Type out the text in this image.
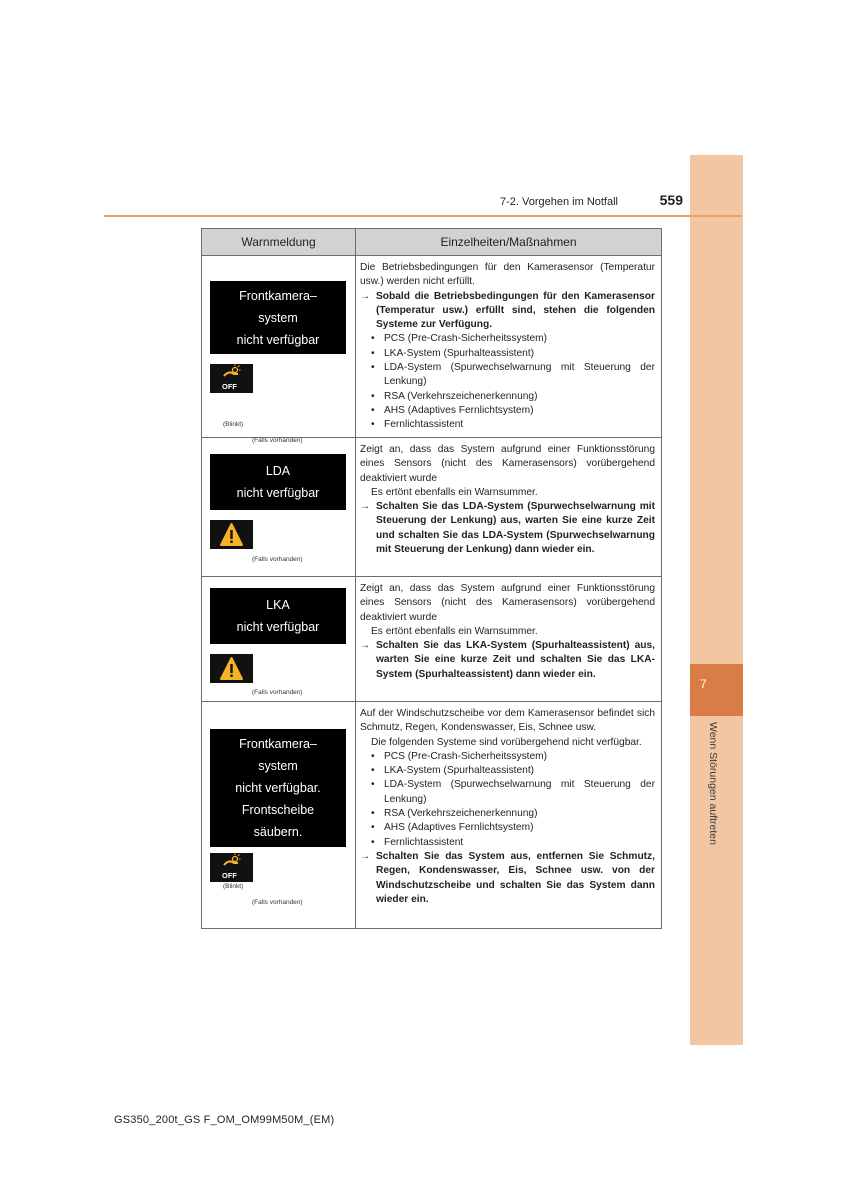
7
Wenn Störungen auftreten
7-2. Vorgehen im Notfall	559
Warnmeldung	Einzelheiten/Maßnahmen
Frontkamera–
system
nicht verfügbar
OFF
(Blinkt)
(Falls vorhanden)
Die Betriebsbedingungen für den Kamerasensor (Temperatur usw.) werden nicht erfüllt.
→ Sobald die Betriebsbedingungen für den Kamerasensor (Temperatur usw.) erfüllt sind, stehen die folgenden Systeme zur Verfügung.
• PCS (Pre-Crash-Sicherheitssystem)
• LKA-System (Spurhalteassistent)
• LDA-System (Spurwechselwarnung mit Steuerung der Lenkung)
• RSA (Verkehrszeichenerkennung)
• AHS (Adaptives Fernlichtsystem)
• Fernlichtassistent
LDA
nicht verfügbar
(Falls vorhanden)
Zeigt an, dass das System aufgrund einer Funktionsstörung eines Sensors (nicht des Kamerasensors) vorübergehend deaktiviert wurde
Es ertönt ebenfalls ein Warnsummer.
→ Schalten Sie das LDA-System (Spurwechselwarnung mit Steuerung der Lenkung) aus, warten Sie eine kurze Zeit und schalten Sie das LDA-System (Spurwechselwarnung mit Steuerung der Lenkung) dann wieder ein.
LKA
nicht verfügbar
(Falls vorhanden)
Zeigt an, dass das System aufgrund einer Funktionsstörung eines Sensors (nicht des Kamerasensors) vorübergehend deaktiviert wurde
Es ertönt ebenfalls ein Warnsummer.
→ Schalten Sie das LKA-System (Spurhalteassistent) aus, warten Sie eine kurze Zeit und schalten Sie das LKA-System (Spurhalteassistent) dann wieder ein.
Frontkamera–
system
nicht verfügbar.
Frontscheibe
säubern.
OFF
(Blinkt)
(Falls vorhanden)
Auf der Windschutzscheibe vor dem Kamerasensor befindet sich Schmutz, Regen, Kondenswasser, Eis, Schnee usw.
Die folgenden Systeme sind vorübergehend nicht verfügbar.
• PCS (Pre-Crash-Sicherheitssystem)
• LKA-System (Spurhalteassistent)
• LDA-System (Spurwechselwarnung mit Steuerung der Lenkung)
• RSA (Verkehrszeichenerkennung)
• AHS (Adaptives Fernlichtsystem)
• Fernlichtassistent
→ Schalten Sie das System aus, entfernen Sie Schmutz, Regen, Kondenswasser, Eis, Schnee usw. von der Windschutzscheibe und schalten Sie das System dann wieder ein.
GS350_200t_GS F_OM_OM99M50M_(EM)
